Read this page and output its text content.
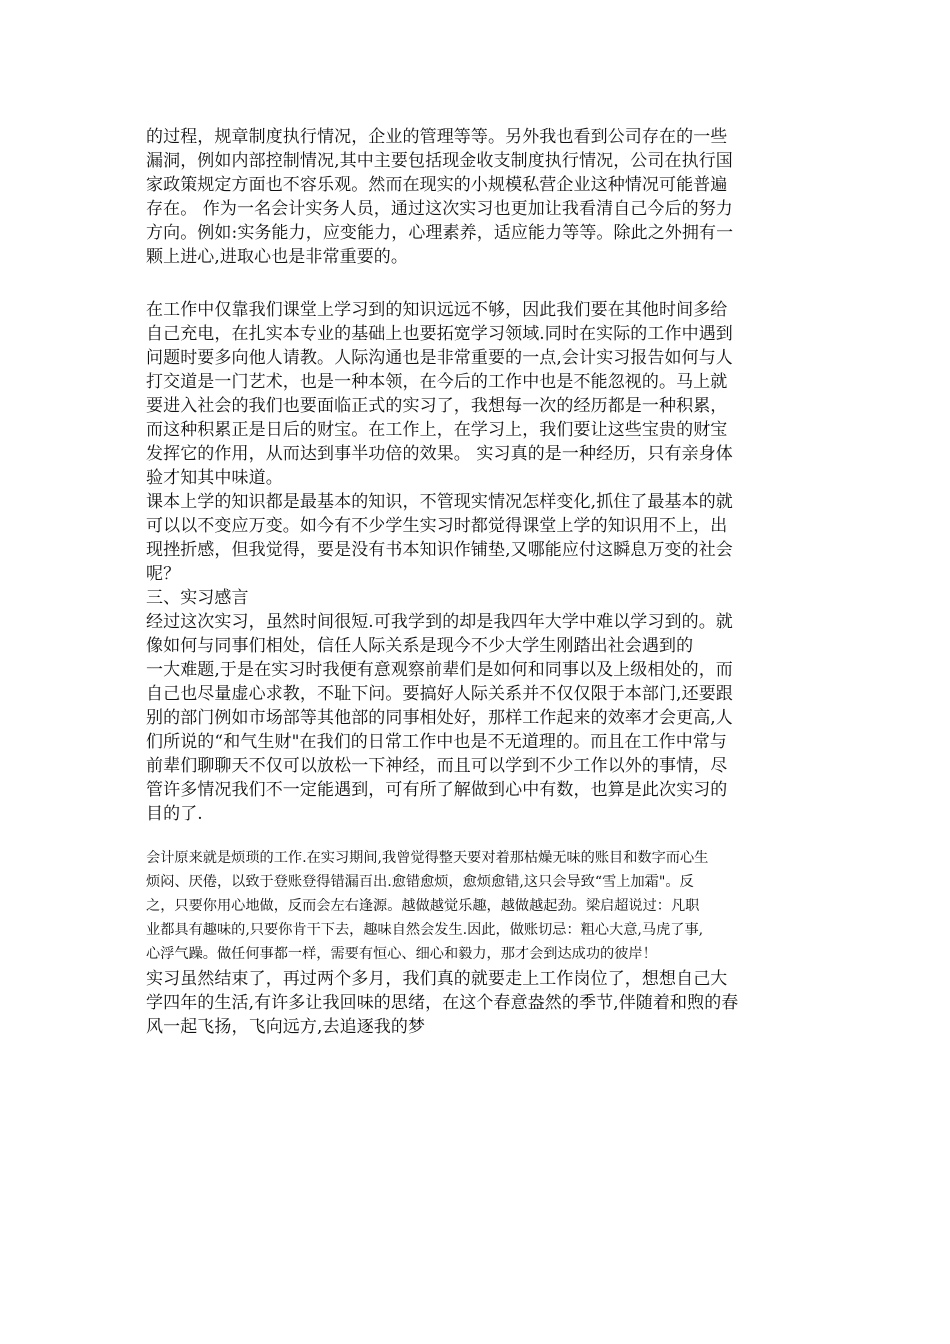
的过程，规章制度执行情况，企业的管理等等。另外我也看到公司存在的一些
漏洞，例如内部控制情况,其中主要包括现金收支制度执行情况，公司在执行国
家政策规定方面也不容乐观。然而在现实的小规模私营企业这种情况可能普遍
存在。 作为一名会计实务人员，通过这次实习也更加让我看清自己今后的努力
方向。例如:实务能力，应变能力，心理素养，适应能力等等。除此之外拥有一
颗上进心,进取心也是非常重要的。
在工作中仅靠我们课堂上学习到的知识远远不够，因此我们要在其他时间多给
自己充电，在扎实本专业的基础上也要拓宽学习领域.同时在实际的工作中遇到
问题时要多向他人请教。人际沟通也是非常重要的一点,会计实习报告如何与人
打交道是一门艺术，也是一种本领，在今后的工作中也是不能忽视的。马上就
要进入社会的我们也要面临正式的实习了，我想每一次的经历都是一种积累，
而这种积累正是日后的财宝。在工作上，在学习上，我们要让这些宝贵的财宝
发挥它的作用，从而达到事半功倍的效果。 实习真的是一种经历，只有亲身体
验才知其中味道。
课本上学的知识都是最基本的知识，不管现实情况怎样变化,抓住了最基本的就
可以以不变应万变。如今有不少学生实习时都觉得课堂上学的知识用不上，出
现挫折感，但我觉得，要是没有书本知识作铺垫,又哪能应付这瞬息万变的社会
呢？
三、实习感言
经过这次实习，虽然时间很短.可我学到的却是我四年大学中难以学习到的。就
像如何与同事们相处，信任人际关系是现今不少大学生刚踏出社会遇到的
一大难题,于是在实习时我便有意观察前辈们是如何和同事以及上级相处的，而
自己也尽量虚心求教，不耻下问。要搞好人际关系并不仅仅限于本部门,还要跟
别的部门例如市场部等其他部的同事相处好，那样工作起来的效率才会更高,人
们所说的“和气生财"在我们的日常工作中也是不无道理的。而且在工作中常与
前辈们聊聊天不仅可以放松一下神经，而且可以学到不少工作以外的事情，尽
管许多情况我们不一定能遇到，可有所了解做到心中有数，也算是此次实习的
目的了.
会计原来就是烦琐的工作.在实习期间,我曾觉得整天要对着那枯燥无味的账目和数字而心生
烦闷、厌倦，以致于登账登得错漏百出.愈错愈烦，愈烦愈错,这只会导致“雪上加霜"。反
之，只要你用心地做，反而会左右逢源。越做越觉乐趣，越做越起劲。梁启超说过：凡职
业都具有趣味的,只要你肯干下去，趣味自然会发生.因此，做账切忌：粗心大意,马虎了事,
心浮气躁。做任何事都一样，需要有恒心、细心和毅力，那才会到达成功的彼岸！
实习虽然结束了，再过两个多月，我们真的就要走上工作岗位了，想想自己大
学四年的生活,有许多让我回味的思绪，在这个春意盎然的季节,伴随着和煦的春
风一起飞扬，飞向远方,去追逐我的梦
